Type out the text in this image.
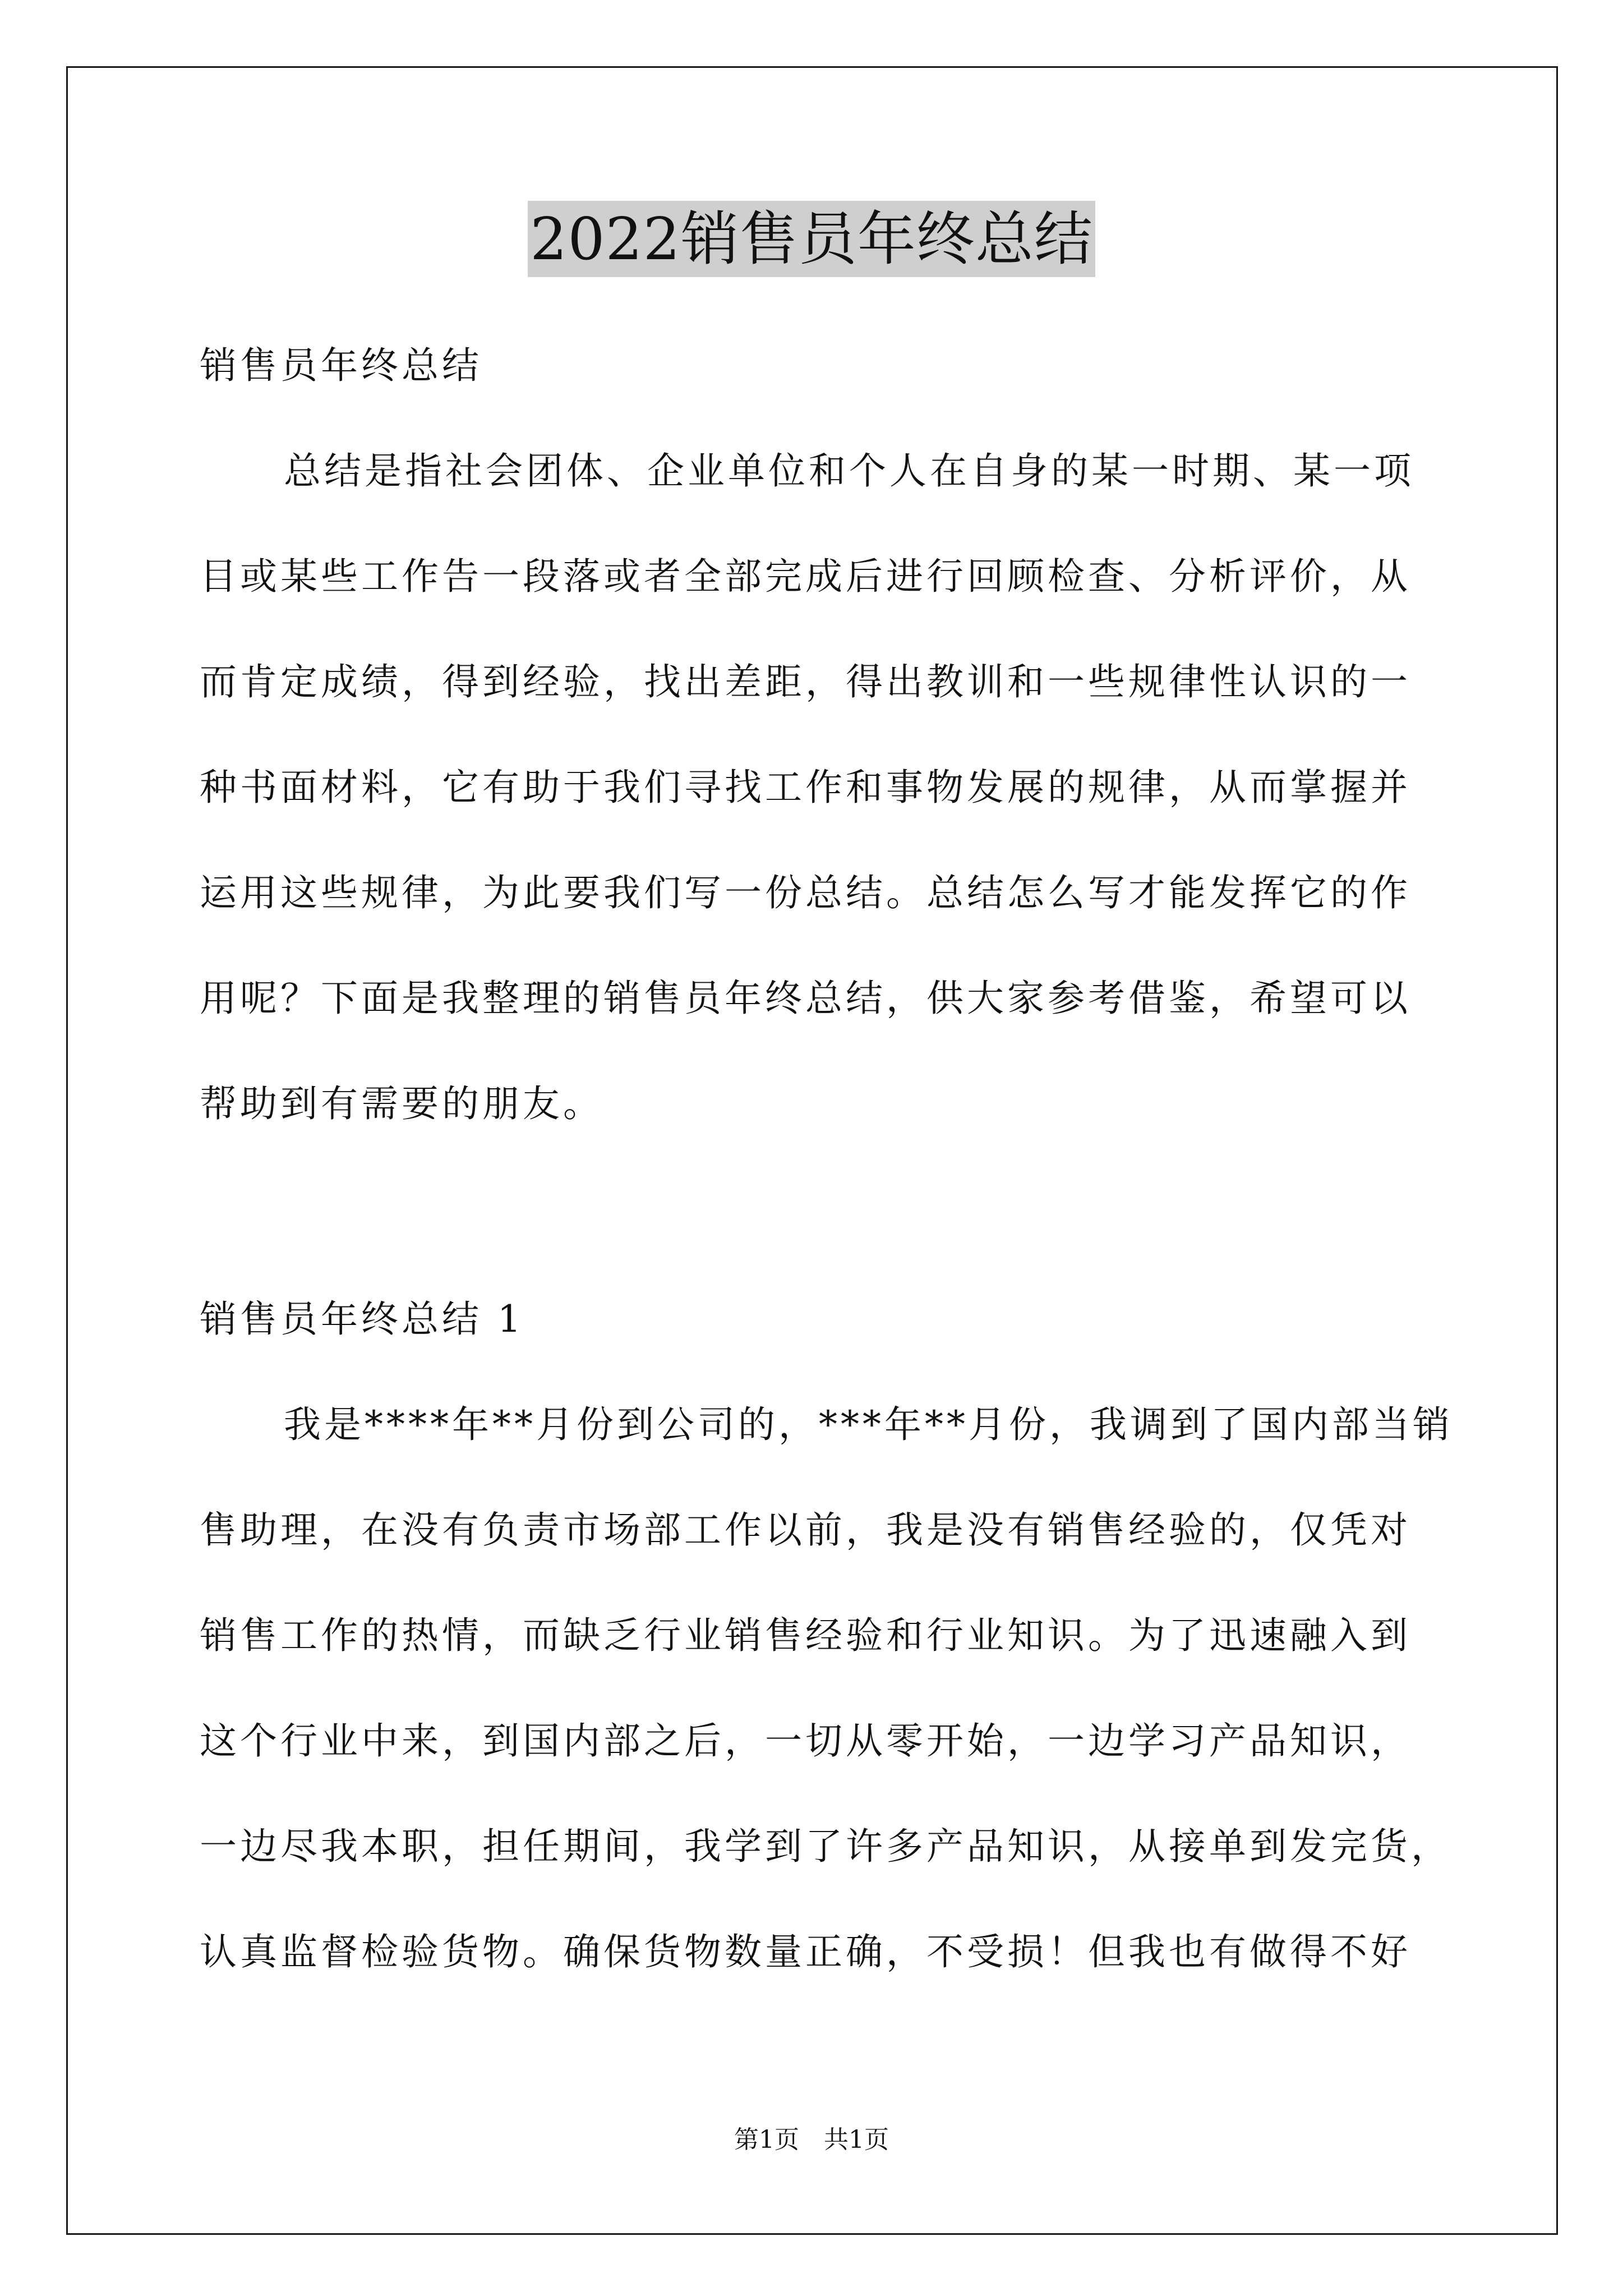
2022销售员年终总结
销售员年终总结
总结是指社会团体、企业单位和个人在自身的某一时期、某一项
目或某些工作告一段落或者全部完成后进行回顾检查、分析评价，从
而肯定成绩，得到经验，找出差距，得出教训和一些规律性认识的一
种书面材料，它有助于我们寻找工作和事物发展的规律，从而掌握并
运用这些规律，为此要我们写一份总结。总结怎么写才能发挥它的作
用呢？下面是我整理的销售员年终总结，供大家参考借鉴，希望可以
帮助到有需要的朋友。
销售员年终总结 1
我是****年**月份到公司的，***年**月份，我调到了国内部当销
售助理，在没有负责市场部工作以前，我是没有销售经验的，仅凭对
销售工作的热情，而缺乏行业销售经验和行业知识。为了迅速融入到
这个行业中来，到国内部之后，一切从零开始，一边学习产品知识，
一边尽我本职，担任期间，我学到了许多产品知识，从接单到发完货，
认真监督检验货物。确保货物数量正确，不受损！但我也有做得不好
第1页 共1页
